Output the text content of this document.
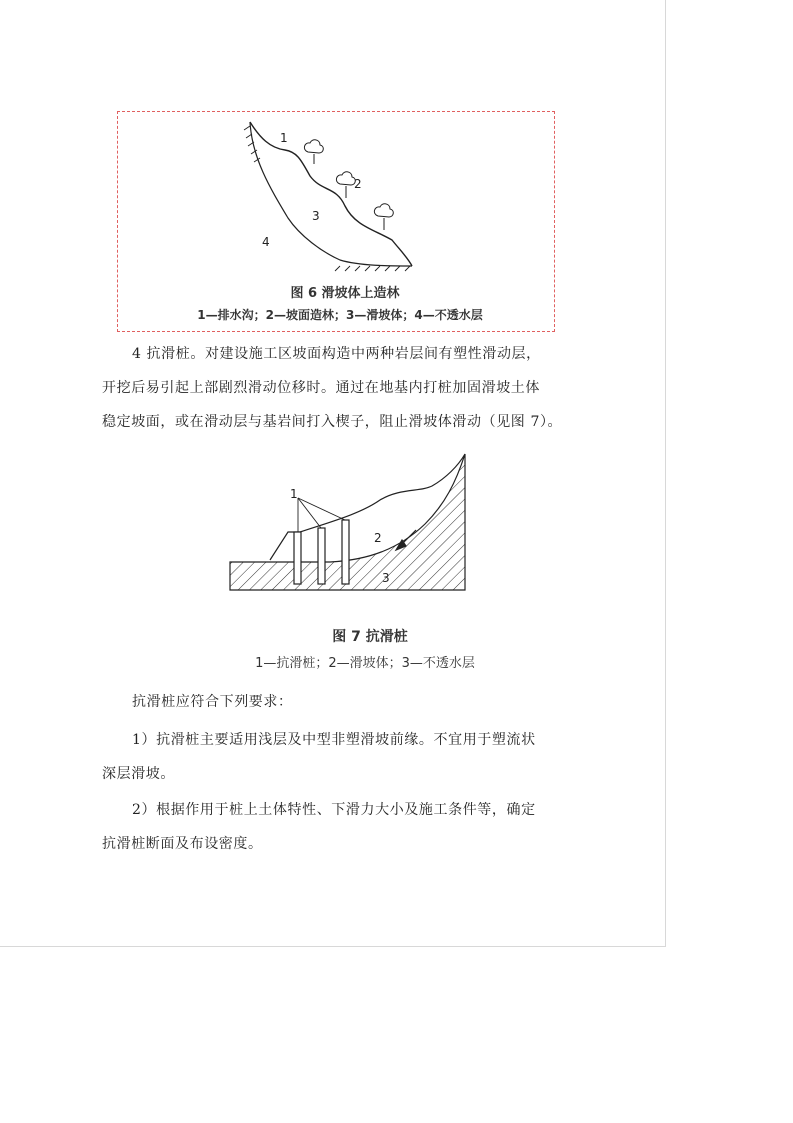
1
2
3
4
图 6 滑坡体上造林
1—排水沟；2—坡面造林；3—滑坡体；4—不透水层
4 抗滑桩。对建设施工区坡面构造中两种岩层间有塑性滑动层，
开挖后易引起上部剧烈滑动位移时。通过在地基内打桩加固滑坡土体
稳定坡面，或在滑动层与基岩间打入楔子，阻止滑坡体滑动（见图 7）。
1
2
3
图 7 抗滑桩
1—抗滑桩；2—滑坡体；3—不透水层
抗滑桩应符合下列要求：
1）抗滑桩主要适用浅层及中型非塑滑坡前缘。不宜用于塑流状
深层滑坡。
2）根据作用于桩上土体特性、下滑力大小及施工条件等，确定
抗滑桩断面及布设密度。
